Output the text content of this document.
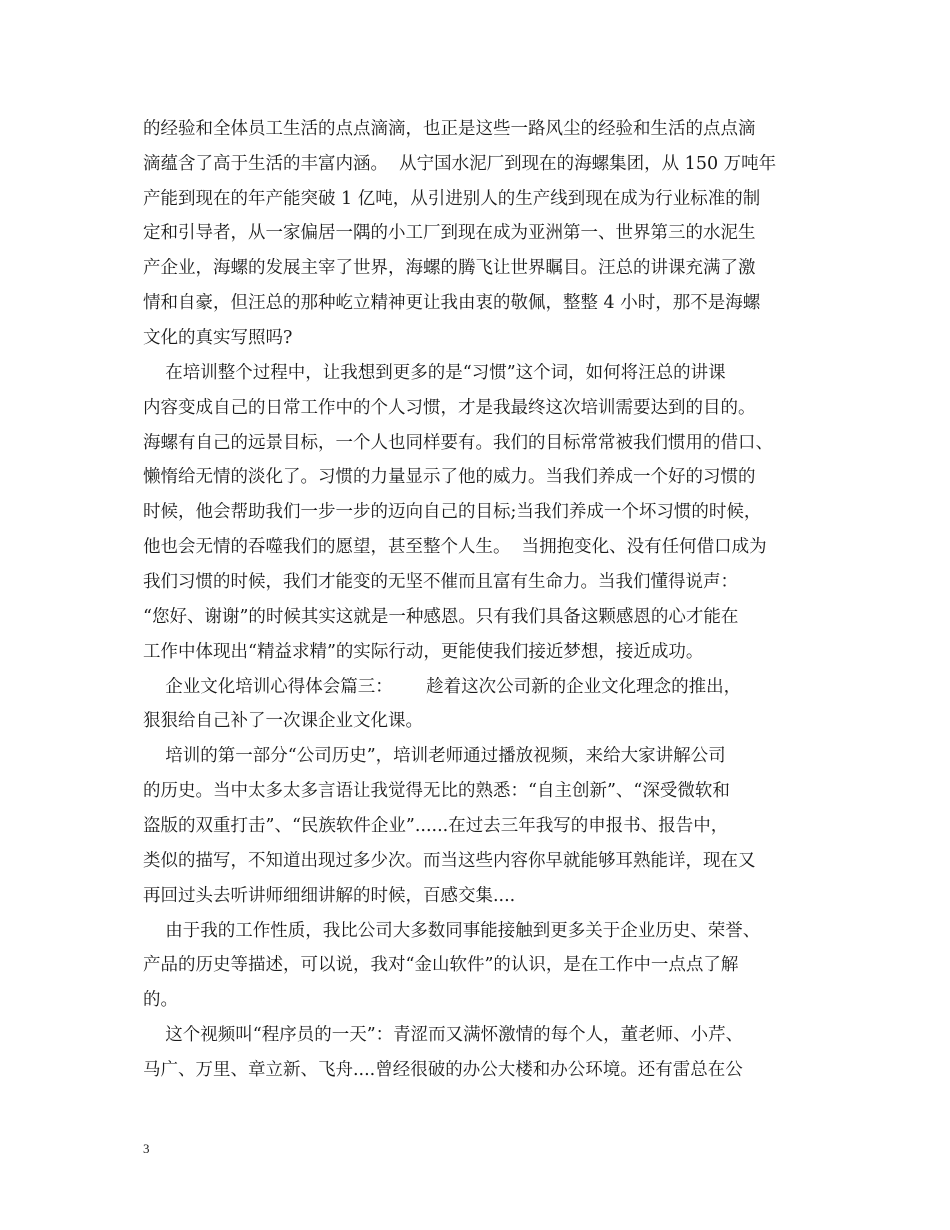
的经验和全体员工生活的点点滴滴，也正是这些一路风尘的经验和生活的点点滴
滴蕴含了高于生活的丰富内涵。  从宁国水泥厂到现在的海螺集团，从 150 万吨年
产能到现在的年产能突破 1 亿吨，从引进别人的生产线到现在成为行业标准的制
定和引导者，从一家偏居一隅的小工厂到现在成为亚洲第一、世界第三的水泥生
产企业，海螺的发展主宰了世界，海螺的腾飞让世界瞩目。汪总的讲课充满了激
情和自豪，但汪总的那种屹立精神更让我由衷的敬佩，整整 4 小时，那不是海螺
文化的真实写照吗?
在培训整个过程中，让我想到更多的是“习惯”这个词，如何将汪总的讲课
内容变成自己的日常工作中的个人习惯，才是我最终这次培训需要达到的目的。
海螺有自己的远景目标，一个人也同样要有。我们的目标常常被我们惯用的借口、
懒惰给无情的淡化了。习惯的力量显示了他的威力。当我们养成一个好的习惯的
时候，他会帮助我们一步一步的迈向自己的目标;当我们养成一个坏习惯的时候，
他也会无情的吞噬我们的愿望，甚至整个人生。  当拥抱变化、没有任何借口成为
我们习惯的时候，我们才能变的无坚不催而且富有生命力。当我们懂得说声：
“您好、谢谢”的时候其实这就是一种感恩。只有我们具备这颗感恩的心才能在
工作中体现出“精益求精”的实际行动，更能使我们接近梦想，接近成功。
企业文化培训心得体会篇三：      趁着这次公司新的企业文化理念的推出，
狠狠给自己补了一次课企业文化课。
培训的第一部分“公司历史”，培训老师通过播放视频，来给大家讲解公司
的历史。当中太多太多言语让我觉得无比的熟悉：“自主创新”、“深受微软和
盗版的双重打击”、“民族软件企业”......在过去三年我写的申报书、报告中，
类似的描写，不知道出现过多少次。而当这些内容你早就能够耳熟能详，现在又
再回过头去听讲师细细讲解的时候，百感交集....
由于我的工作性质，我比公司大多数同事能接触到更多关于企业历史、荣誉、
产品的历史等描述，可以说，我对“金山软件”的认识，是在工作中一点点了解
的。
这个视频叫“程序员的一天”：青涩而又满怀激情的每个人，董老师、小芹、
马广、万里、章立新、飞舟....曾经很破的办公大楼和办公环境。还有雷总在公
3
